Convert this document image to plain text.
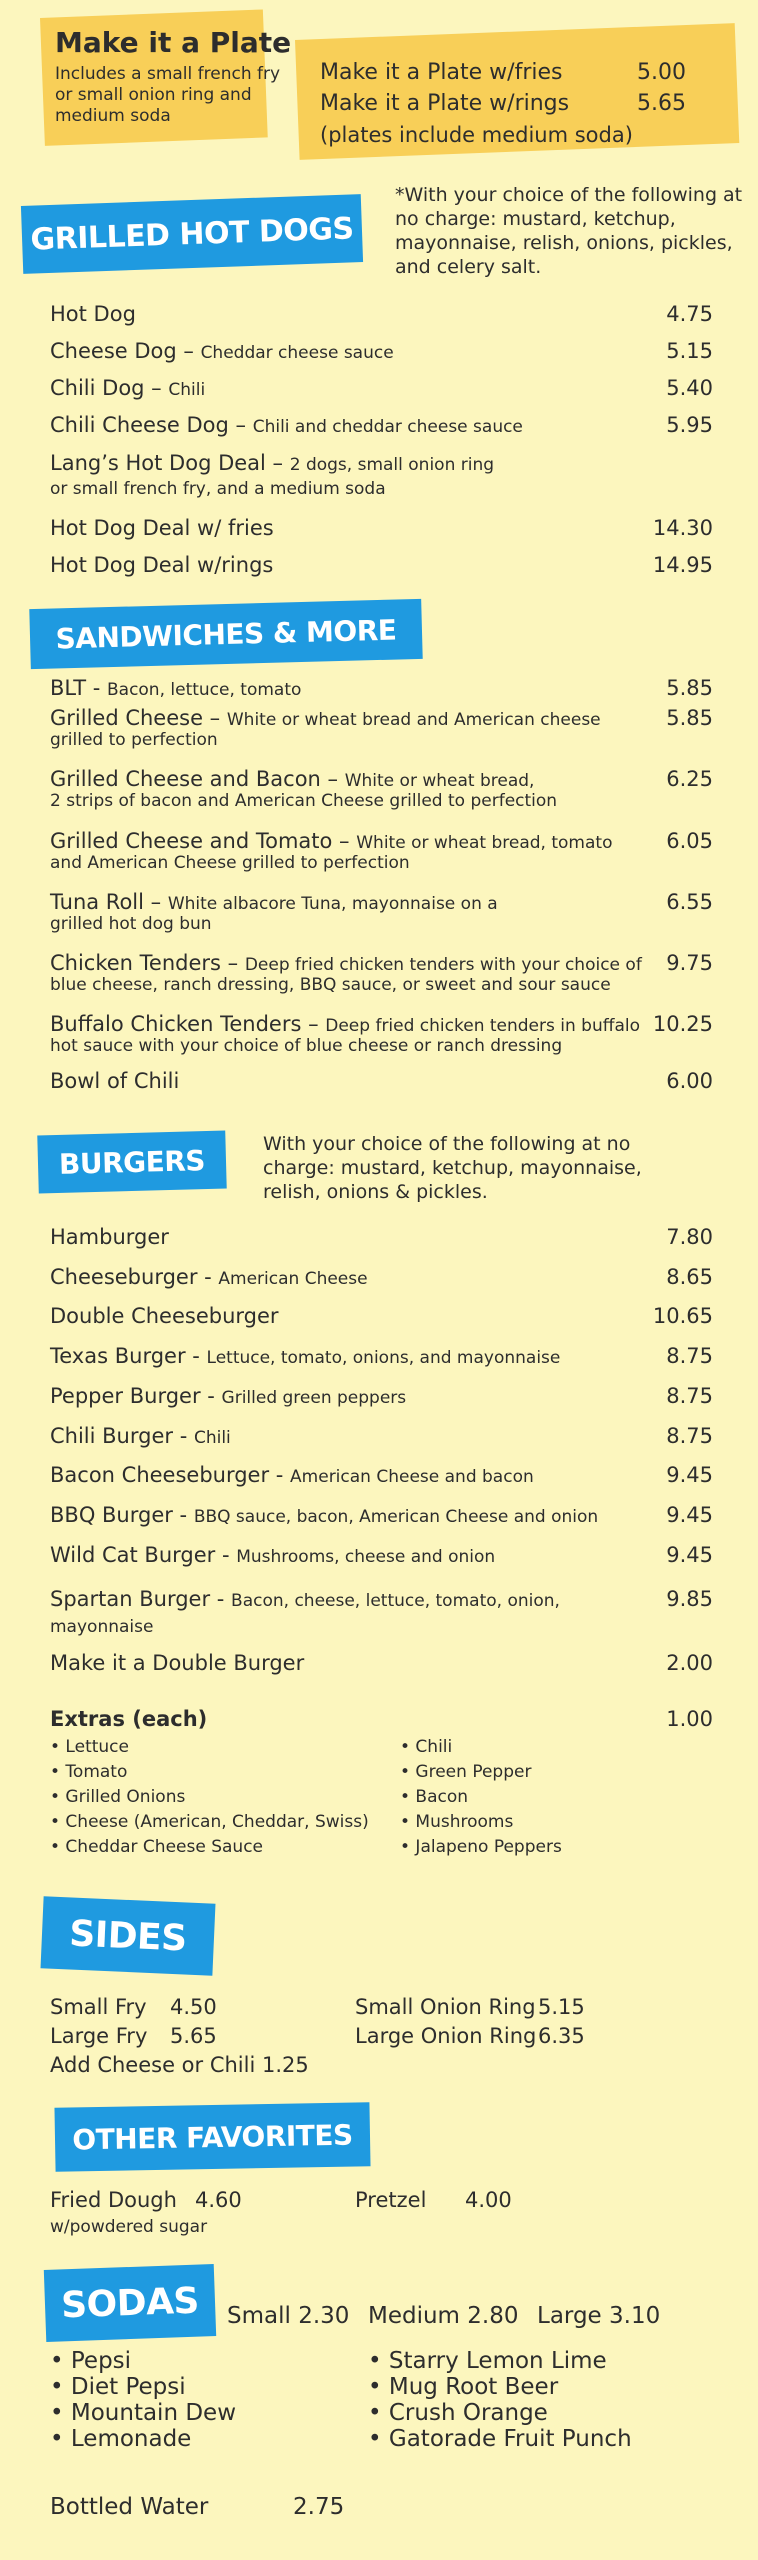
Make it a Plate
Includes a small french fry or small onion ring and medium soda
Make it a Plate w/fries	5.00
Make it a Plate w/rings	5.65
(plates include medium soda)
GRILLED HOT DOGS
*With your choice of the following at no charge: mustard, ketchup, mayonnaise, relish, onions, pickles, and celery salt.
Hot Dog	4.75
Cheese Dog – Cheddar cheese sauce	5.15
Chili Dog – Chili	5.40
Chili Cheese Dog – Chili and cheddar cheese sauce	5.95
Lang’s Hot Dog Deal – 2 dogs, small onion ring
or small french fry, and a medium soda
Hot Dog Deal w/ fries	14.30
Hot Dog Deal w/rings	14.95
SANDWICHES & MORE
BLT - Bacon, lettuce, tomato	5.85
Grilled Cheese – White or wheat bread and American cheese
grilled to perfection
5.85
Grilled Cheese and Bacon – White or wheat bread,
2 strips of bacon and American Cheese grilled to perfection
6.25
Grilled Cheese and Tomato – White or wheat bread, tomato
and American Cheese grilled to perfection
6.05
Tuna Roll – White albacore Tuna, mayonnaise on a
grilled hot dog bun
6.55
Chicken Tenders – Deep fried chicken tenders with your choice of
blue cheese, ranch dressing, BBQ sauce, or sweet and sour sauce
9.75
Buffalo Chicken Tenders – Deep fried chicken tenders in buffalo
hot sauce with your choice of blue cheese or ranch dressing
10.25
Bowl of Chili	6.00
BURGERS	With your choice of the following at no charge: mustard, ketchup, mayonnaise, relish, onions & pickles.
Hamburger	7.80
Cheeseburger - American Cheese	8.65
Double Cheeseburger	10.65
Texas Burger - Lettuce, tomato, onions, and mayonnaise	8.75
Pepper Burger - Grilled green peppers	8.75
Chili Burger - Chili	8.75
Bacon Cheeseburger - American Cheese and bacon	9.45
BBQ Burger - BBQ sauce, bacon, American Cheese and onion	9.45
Wild Cat Burger - Mushrooms, cheese and onion	9.45
Spartan Burger - Bacon, cheese, lettuce, tomato, onion,	9.85
mayonnaise
Make it a Double Burger	2.00
Extras (each)	1.00
• Lettuce
• Tomato
• Grilled Onions
• Cheese (American, Cheddar, Swiss)
• Cheddar Cheese Sauce
• Chili
• Green Pepper
• Bacon
• Mushrooms
• Jalapeno Peppers
SIDES
Small Fry 4.50
Large Fry 5.65
Small Onion Ring 5.15
Large Onion Ring 6.35
Add Cheese or Chili 1.25
OTHER FAVORITES
Fried Dough 4.60
w/powdered sugar
Pretzel 4.00
SODAS	Small 2.30 Medium 2.80 Large 3.10
• Pepsi
• Diet Pepsi
• Mountain Dew
• Lemonade
• Starry Lemon Lime
• Mug Root Beer
• Crush Orange
• Gatorade Fruit Punch
Bottled Water	2.75
